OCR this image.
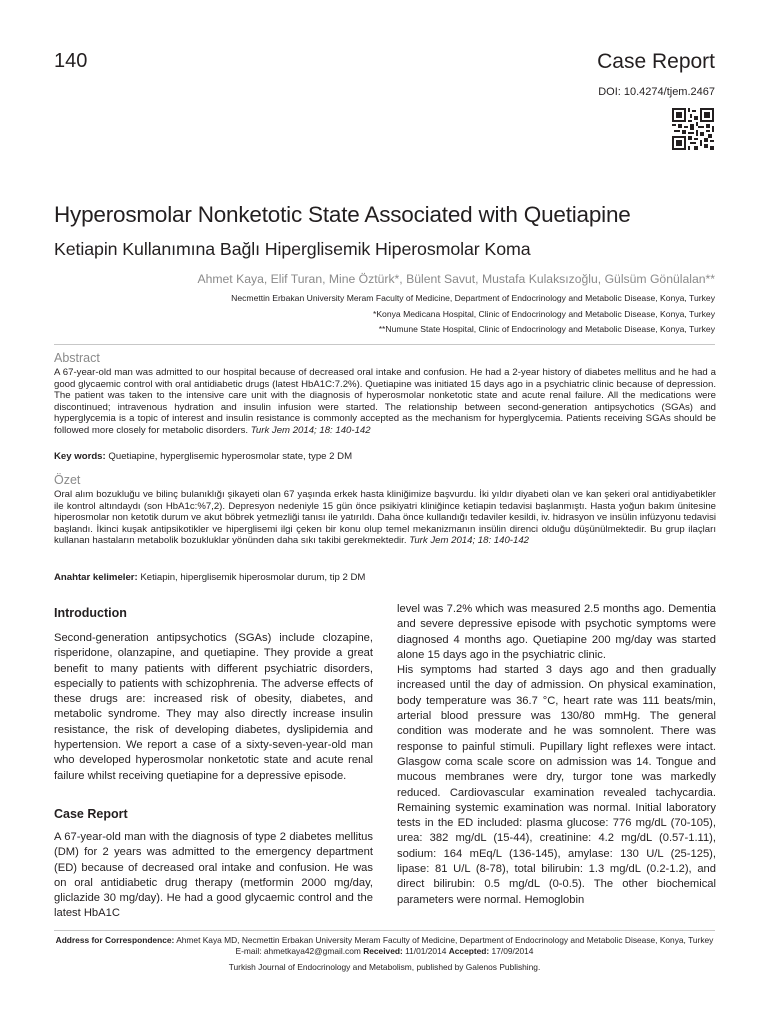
140	Case Report
DOI: 10.4274/tjem.2467
Hyperosmolar Nonketotic State Associated with Quetiapine
Ketiapin Kullanımına Bağlı Hiperglisemik Hiperosmolar Koma
Ahmet Kaya, Elif Turan, Mine Öztürk*, Bülent Savut, Mustafa Kulaksızoğlu, Gülsüm Gönülalan**
Necmettin Erbakan University Meram Faculty of Medicine, Department of Endocrinology and Metabolic Disease, Konya, Turkey
*Konya Medicana Hospital, Clinic of Endocrinology and Metabolic Disease, Konya, Turkey
**Numune State Hospital, Clinic of Endocrinology and Metabolic Disease, Konya, Turkey
Abstract
A 67-year-old man was admitted to our hospital because of decreased oral intake and confusion. He had a 2-year history of diabetes mellitus and he had a good glycaemic control with oral antidiabetic drugs (latest HbA1C:7.2%). Quetiapine was initiated 15 days ago in a psychiatric clinic because of depression. The patient was taken to the intensive care unit with the diagnosis of hyperosmolar nonketotic state and acute renal failure. All the medications were discontinued; intravenous hydration and insulin infusion were started. The relationship between second-generation antipsychotics (SGAs) and hyperglycemia is a topic of interest and insulin resistance is commonly accepted as the mechanism for hyperglycemia. Patients receiving SGAs should be followed more closely for metabolic disorders. Turk Jem 2014; 18: 140-142
Key words: Quetiapine, hyperglisemic hyperosmolar state, type 2 DM
Özet
Oral alım bozukluğu ve bilinç bulanıklığı şikayeti olan 67 yaşında erkek hasta kliniğimize başvurdu. İki yıldır diyabeti olan ve kan şekeri oral antidiyabetikler ile kontrol altındaydı (son HbA1c:%7,2). Depresyon nedeniyle 15 gün önce psikiyatri kliniğince ketiapin tedavisi başlanmıştı. Hasta yoğun bakım ünitesine hiperosmolar non ketotik durum ve akut böbrek yetmezliği tanısı ile yatırıldı. Daha önce kullandığı tedaviler kesildi, iv. hidrasyon ve insülin infüzyonu tedavisi başlandı. İkinci kuşak antipsikotikler ve hiperglisemi ilgi çeken bir konu olup temel mekanizmanın insülin direnci olduğu düşünülmektedir. Bu grup ilaçları kullanan hastaların metabolik bozukluklar yönünden daha sıkı takibi gerekmektedir. Turk Jem 2014; 18: 140-142
Anahtar kelimeler: Ketiapin, hiperglisemik hiperosmolar durum, tip 2 DM
Introduction
Second-generation antipsychotics (SGAs) include clozapine, risperidone, olanzapine, and quetiapine. They provide a great benefit to many patients with different psychiatric disorders, especially to patients with schizophrenia. The adverse effects of these drugs are: increased risk of obesity, diabetes, and metabolic syndrome. They may also directly increase insulin resistance, the risk of developing diabetes, dyslipidemia and hypertension. We report a case of a sixty-seven-year-old man who developed hyperosmolar nonketotic state and acute renal failure whilst receiving quetiapine for a depressive episode.
Case Report
A 67-year-old man with the diagnosis of type 2 diabetes mellitus (DM) for 2 years was admitted to the emergency department (ED) because of decreased oral intake and confusion. He was on oral antidiabetic drug therapy (metformin 2000 mg/day, gliclazide 30 mg/day). He had a good glycaemic control and the latest HbA1C
level was 7.2% which was measured 2.5 months ago. Dementia and severe depressive episode with psychotic symptoms were diagnosed 4 months ago. Quetiapine 200 mg/day was started alone 15 days ago in the psychiatric clinic.
His symptoms had started 3 days ago and then gradually increased until the day of admission. On physical examination, body temperature was 36.7 °C, heart rate was 111 beats/min, arterial blood pressure was 130/80 mmHg. The general condition was moderate and he was somnolent. There was response to painful stimuli. Pupillary light reflexes were intact. Glasgow coma scale score on admission was 14. Tongue and mucous membranes were dry, turgor tone was markedly reduced. Cardiovascular examination revealed tachycardia. Remaining systemic examination was normal. Initial laboratory tests in the ED included: plasma glucose: 776 mg/dL (70-105), urea: 382 mg/dL (15-44), creatinine: 4.2 mg/dL (0.57-1.11), sodium: 164 mEq/L (136-145), amylase: 130 U/L (25-125), lipase: 81 U/L (8-78), total bilirubin: 1.3 mg/dL (0.2-1.2), and direct bilirubin: 0.5 mg/dL (0-0.5). The other biochemical parameters were normal. Hemoglobin
Address for Correspondence: Ahmet Kaya MD, Necmettin Erbakan University Meram Faculty of Medicine, Department of Endocrinology and Metabolic Disease, Konya, Turkey
E-mail: ahmetkaya42@gmail.com Received: 11/01/2014 Accepted: 17/09/2014
Turkish Journal of Endocrinology and Metabolism, published by Galenos Publishing.
